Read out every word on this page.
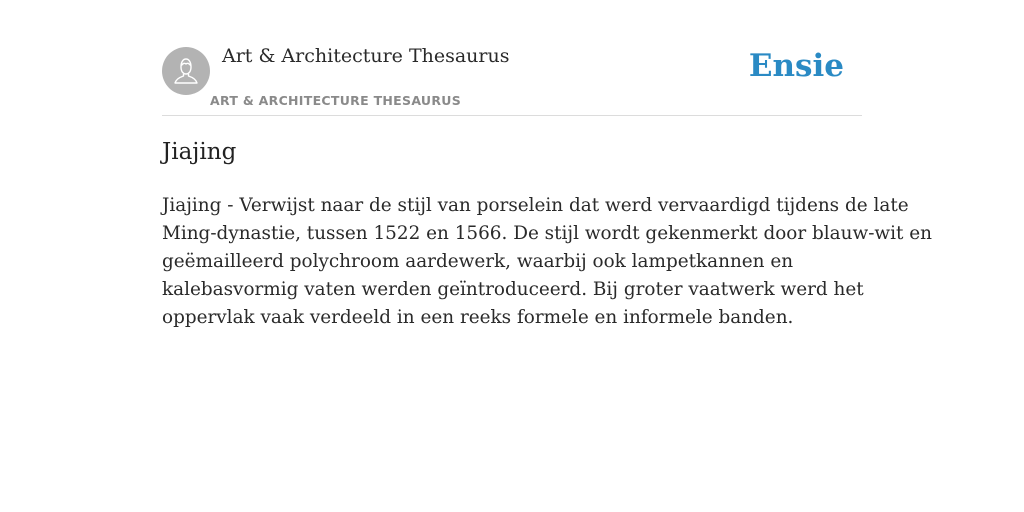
Art & Architecture Thesaurus
ART & ARCHITECTURE THESAURUS
Ensie
Jiajing

Jiajing - Verwijst naar de stijl van porselein dat werd vervaardigd tijdens de late
Ming-dynastie, tussen 1522 en 1566. De stijl wordt gekenmerkt door blauw-wit en
geëmailleerd polychroom aardewerk, waarbij ook lampetkannen en
kalebasvormig vaten werden geïntroduceerd. Bij groter vaatwerk werd het
oppervlak vaak verdeeld in een reeks formele en informele banden.
